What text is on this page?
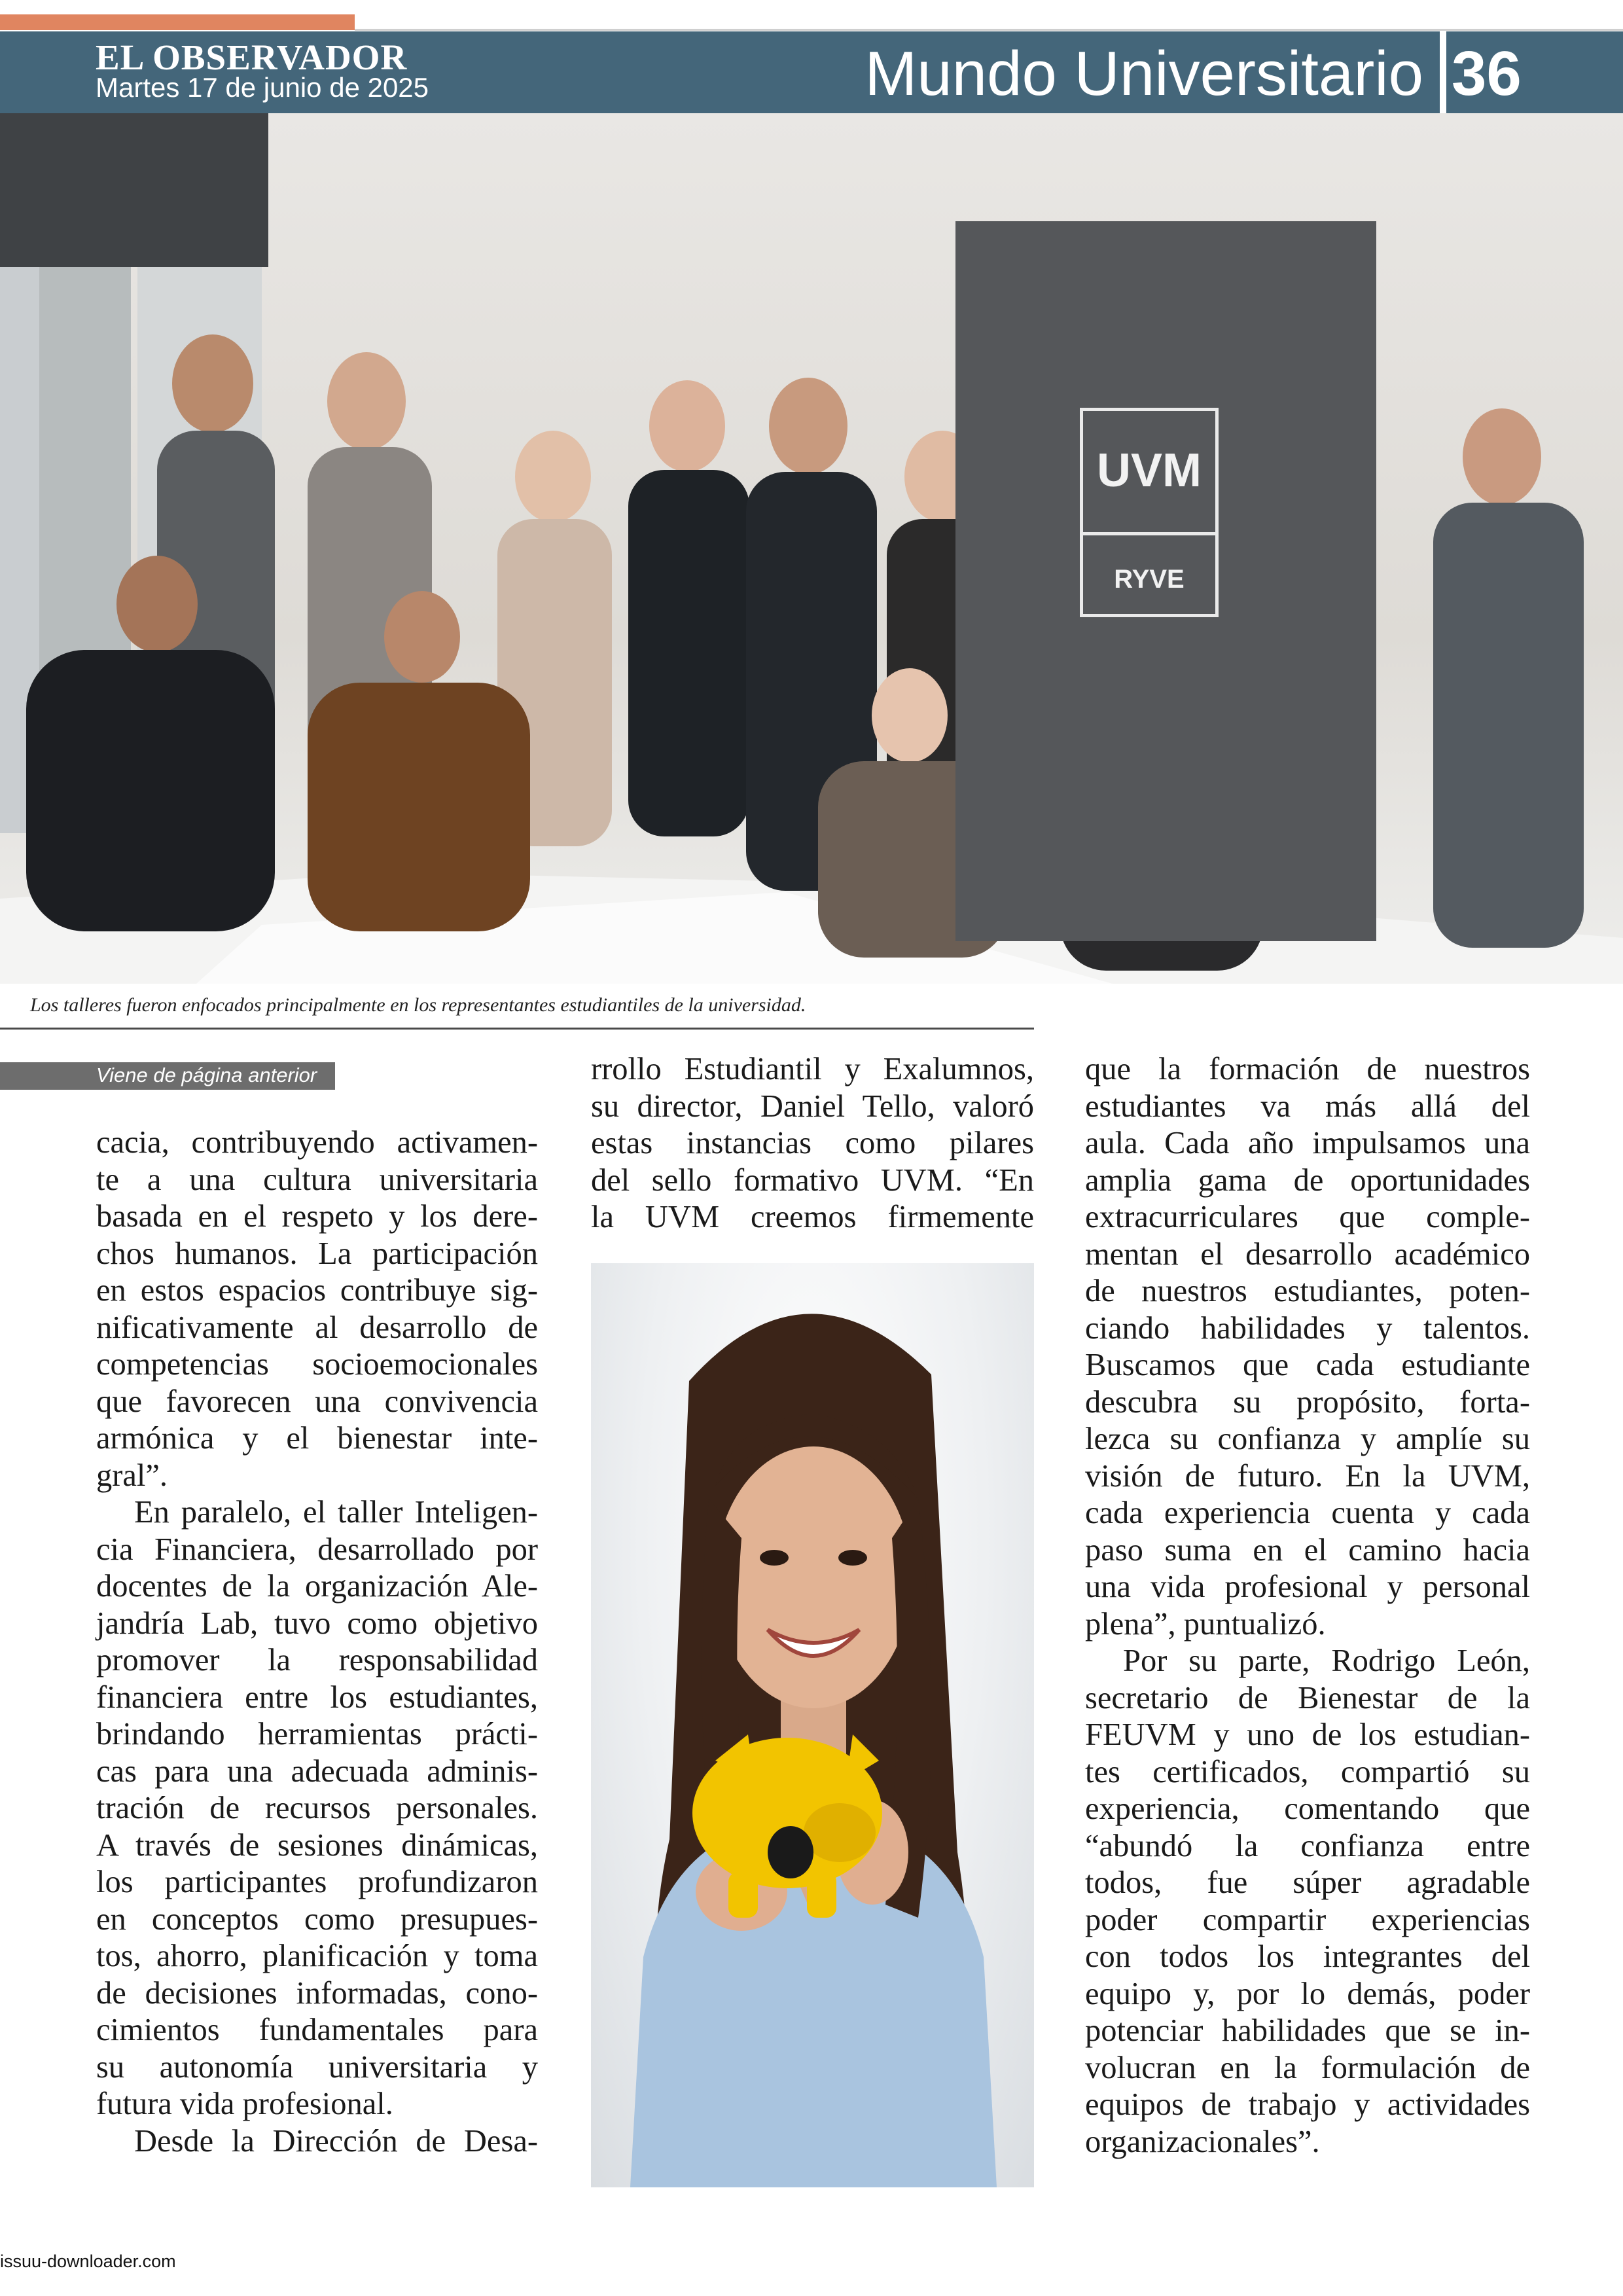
EL OBSERVADOR
Martes 17 de junio de 2025	Mundo Universitario 36
UVM
RYVE
Los talleres fueron enfocados principalmente en los representantes estudiantiles de la universidad.
Viene de página anterior
cacia, contribuyendo activamen-
te a una cultura universitaria
basada en el respeto y los dere-
chos humanos. La participación
en estos espacios contribuye sig-
nificativamente al desarrollo de
competencias socioemocionales
que favorecen una convivencia
armónica y el bienestar inte-
gral”.
En paralelo, el taller Inteligen-
cia Financiera, desarrollado por
docentes de la organización Ale-
jandría Lab, tuvo como objetivo
promover la responsabilidad
financiera entre los estudiantes,
brindando herramientas prácti-
cas para una adecuada adminis-
tración de recursos personales.
A través de sesiones dinámicas,
los participantes profundizaron
en conceptos como presupues-
tos, ahorro, planificación y toma
de decisiones informadas, cono-
cimientos fundamentales para
su autonomía universitaria y
futura vida profesional.
Desde la Dirección de Desa-
rrollo Estudiantil y Exalumnos,
su director, Daniel Tello, valoró
estas instancias como pilares
del sello formativo UVM. “En
la UVM creemos firmemente
que la formación de nuestros
estudiantes va más allá del
aula. Cada año impulsamos una
amplia gama de oportunidades
extracurriculares que comple-
mentan el desarrollo académico
de nuestros estudiantes, poten-
ciando habilidades y talentos.
Buscamos que cada estudiante
descubra su propósito, forta-
lezca su confianza y amplíe su
visión de futuro. En la UVM,
cada experiencia cuenta y cada
paso suma en el camino hacia
una vida profesional y personal
plena”, puntualizó.
Por su parte, Rodrigo León,
secretario de Bienestar de la
FEUVM y uno de los estudian-
tes certificados, compartió su
experiencia, comentando que
“abundó la confianza entre
todos, fue súper agradable
poder compartir experiencias
con todos los integrantes del
equipo y, por lo demás, poder
potenciar habilidades que se in-
volucran en la formulación de
equipos de trabajo y actividades
organizacionales”.
issuu-downloader.com
